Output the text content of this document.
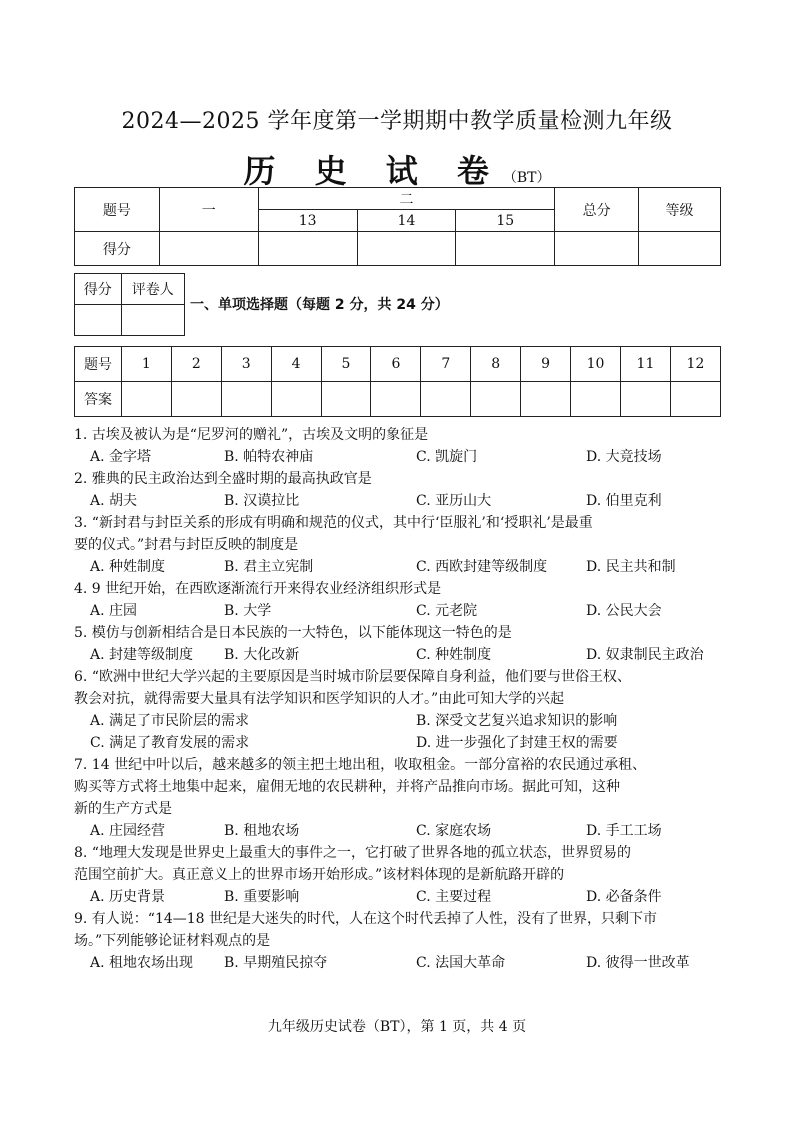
2024—2025 学年度第一学期期中教学质量检测九年级
历 史 试 卷（BT）
题号	一	二			总分	等级
		13	14	15		
得分						
得分	评卷人

一、单项选择题（每题 2 分，共 24 分）
题号	1	2	3	4	5	6	7	8	9	10	11	12
答案												
1. 古埃及被认为是“尼罗河的赠礼”，古埃及文明的象征是
A. 金字塔	B. 帕特农神庙	C. 凯旋门	D. 大竞技场
2. 雅典的民主政治达到全盛时期的最高执政官是
A. 胡夫	B. 汉谟拉比	C. 亚历山大	D. 伯里克利
3. “新封君与封臣关系的形成有明确和规范的仪式，其中行‘臣服礼’和‘授职礼’是最重
要的仪式。”封君与封臣反映的制度是
A. 种姓制度	B. 君主立宪制	C. 西欧封建等级制度	D. 民主共和制
4. 9 世纪开始，在西欧逐渐流行开来得农业经济组织形式是
A. 庄园	B. 大学	C. 元老院	D. 公民大会
5. 模仿与创新相结合是日本民族的一大特色，以下能体现这一特色的是
A. 封建等级制度 B. 大化改新	C. 种姓制度	D. 奴隶制民主政治
6. “欧洲中世纪大学兴起的主要原因是当时城市阶层要保障自身利益，他们要与世俗王权、
教会对抗，就得需要大量具有法学知识和医学知识的人才。”由此可知大学的兴起
A. 满足了市民阶层的需求	B. 深受文艺复兴追求知识的影响
C. 满足了教育发展的需求	D. 进一步强化了封建王权的需要
7. 14 世纪中叶以后，越来越多的领主把土地出租，收取租金。一部分富裕的农民通过承租、
购买等方式将土地集中起来，雇佣无地的农民耕种，并将产品推向市场。据此可知，这种
新的生产方式是
A. 庄园经营	B. 租地农场	C. 家庭农场	D. 手工工场
8. “地理大发现是世界史上最重大的事件之一，它打破了世界各地的孤立状态，世界贸易的
范围空前扩大。真正意义上的世界市场开始形成。”该材料体现的是新航路开辟的
A. 历史背景	B. 重要影响	C. 主要过程	D. 必备条件
9. 有人说：“14—18 世纪是大迷失的时代，人在这个时代丢掉了人性，没有了世界，只剩下市
场。”下列能够论证材料观点的是
A. 租地农场出现 B. 早期殖民掠夺	C. 法国大革命	D. 彼得一世改革
九年级历史试卷（BT），第 1 页，共 4 页
